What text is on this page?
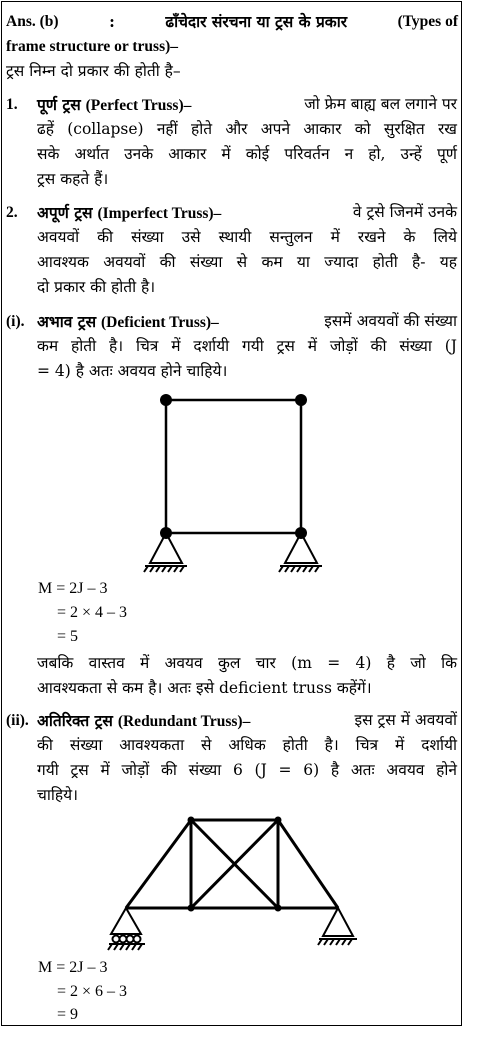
Ans. (b)	:	ढाँचेदार संरचना या ट्रस के प्रकार	(Types of
frame structure or truss)–
ट्रस निम्न दो प्रकार की होती है–
1. पूर्ण ट्रस (Perfect Truss)–	जो फ्रेम बाह्य बल लगाने पर
ढहें (collapse) नहीं होते और अपने आकार को सुरक्षित रख
सके अर्थात उनके आकार में कोई परिवर्तन न हो, उन्हें पूर्ण
ट्रस कहते हैं।
2. अपूर्ण ट्रस (Imperfect Truss)–	वे ट्रसे जिनमें उनके
अवयवों की संख्या उसे स्थायी सन्तुलन में रखने के लिये
आवश्यक अवयवों की संख्या से कम या ज्यादा होती है- यह
दो प्रकार की होती है।
(i). अभाव ट्रस (Deficient Truss)–	इसमें अवयवों की संख्या
कम होती है। चित्र में दर्शायी गयी ट्रस में जोड़ों की संख्या (J
= 4) है अतः अवयव होने चाहिये।
M = 2J – 3
= 2 × 4 – 3
= 5
जबकि वास्तव में अवयव कुल चार (m = 4) है जो कि
आवश्यकता से कम है। अतः इसे deficient truss कहेंगें।
(ii). अतिरिक्त ट्रस (Redundant Truss)–	इस ट्रस में अवयवों
की संख्या आवश्यकता से अधिक होती है। चित्र में दर्शायी
गयी ट्रस में जोड़ों की संख्या 6 (J = 6) है अतः अवयव होने
चाहिये।
M = 2J – 3
= 2 × 6 – 3
= 9
